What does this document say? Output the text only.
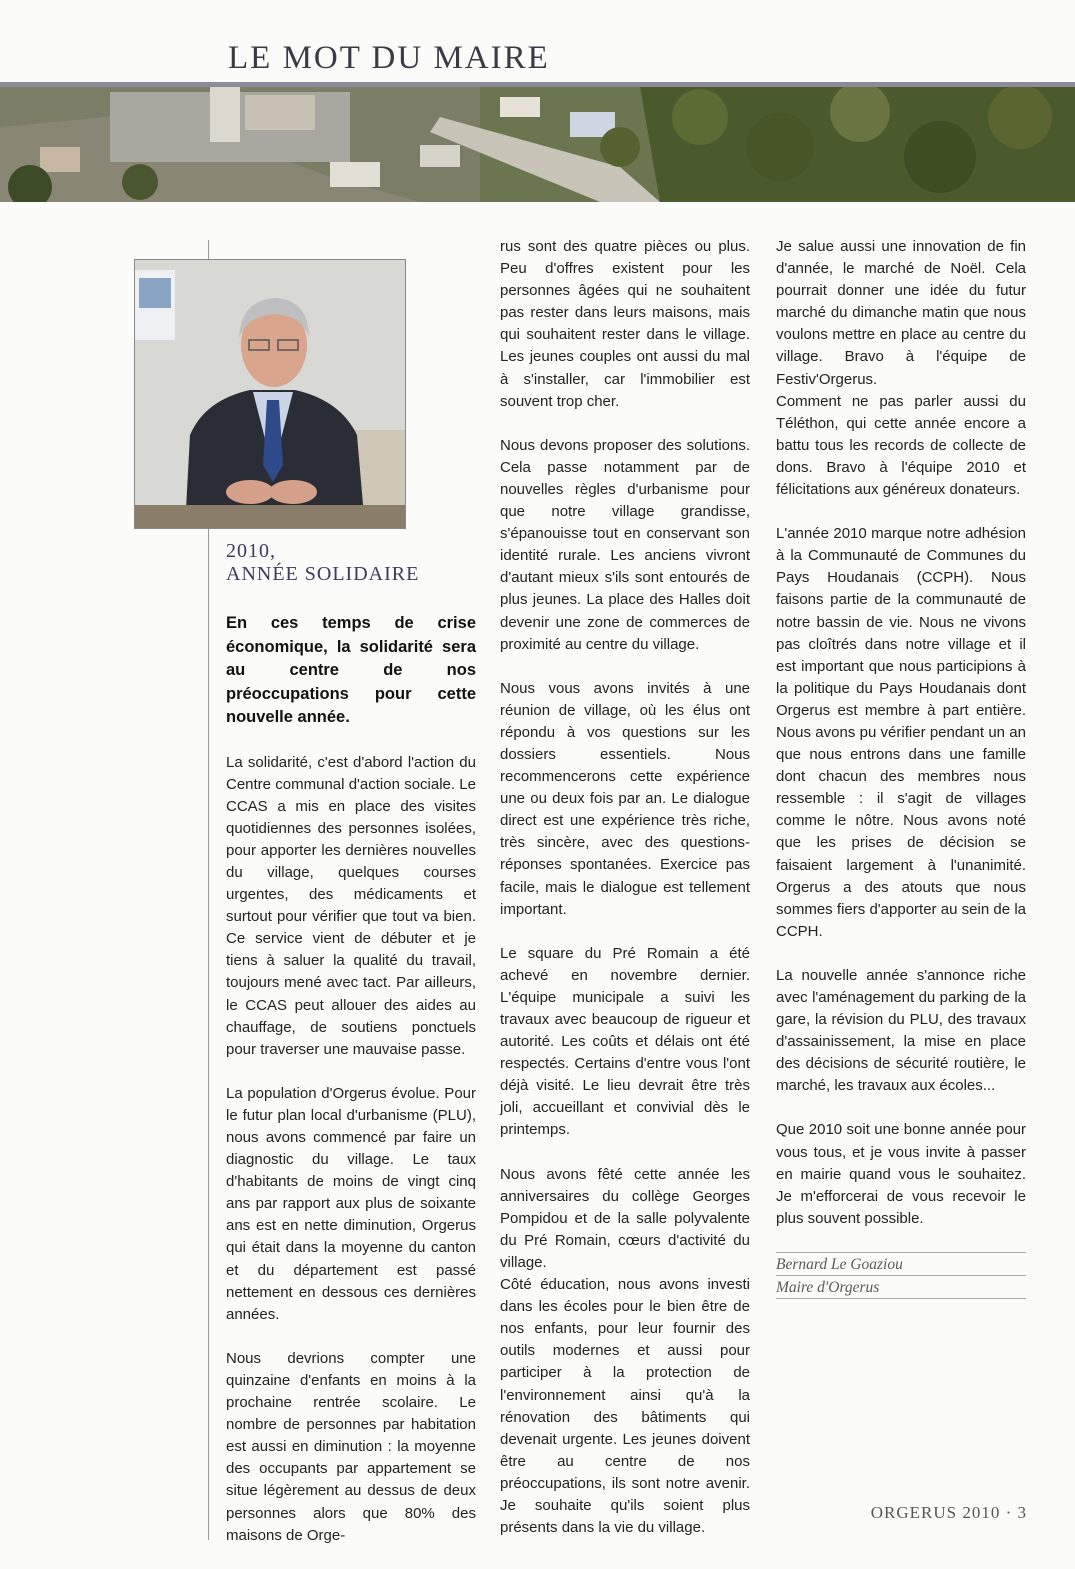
LE MOT DU MAIRE
2010,
ANNÉE SOLIDAIRE

En ces temps de crise économique, la solidarité sera au centre de nos préoccupations pour cette nouvelle année.

La solidarité, c'est d'abord l'action du Centre communal d'action sociale. Le CCAS a mis en place des visites quotidiennes des personnes isolées, pour apporter les dernières nouvelles du village, quelques courses urgentes, des médicaments et surtout pour vérifier que tout va bien. Ce service vient de débuter et je tiens à saluer la qualité du travail, toujours mené avec tact. Par ailleurs, le CCAS peut allouer des aides au chauffage, de soutiens ponctuels pour traverser une mauvaise passe.

La population d'Orgerus évolue. Pour le futur plan local d'urbanisme (PLU), nous avons commencé par faire un diagnostic du village. Le taux d'habitants de moins de vingt cinq ans par rapport aux plus de soixante ans est en nette diminution, Orgerus qui était dans la moyenne du canton et du département est passé nettement en dessous ces dernières années.

Nous devrions compter une quinzaine d'enfants en moins à la prochaine rentrée scolaire. Le nombre de personnes par habitation est aussi en diminution : la moyenne des occupants par appartement se situe légèrement au dessus de deux personnes alors que 80% des maisons de Orge-

rus sont des quatre pièces ou plus. Peu d'offres existent pour les personnes âgées qui ne souhaitent pas rester dans leurs maisons, mais qui souhaitent rester dans le village. Les jeunes couples ont aussi du mal à s'installer, car l'immobilier est souvent trop cher.

Nous devons proposer des solutions. Cela passe notamment par de nouvelles règles d'urbanisme pour que notre village grandisse, s'épanouisse tout en conservant son identité rurale. Les anciens vivront d'autant mieux s'ils sont entourés de plus jeunes. La place des Halles doit devenir une zone de commerces de proximité au centre du village.

Nous vous avons invités à une réunion de village, où les élus ont répondu à vos questions sur les dossiers essentiels. Nous recommencerons cette expérience une ou deux fois par an. Le dialogue direct est une expérience très riche, très sincère, avec des questions-réponses spontanées. Exercice pas facile, mais le dialogue est tellement important.

Le square du Pré Romain a été achevé en novembre dernier. L'équipe municipale a suivi les travaux avec beaucoup de rigueur et autorité. Les coûts et délais ont été respectés. Certains d'entre vous l'ont déjà visité. Le lieu devrait être très joli, accueillant et convivial dès le printemps.

Nous avons fêté cette année les anniversaires du collège Georges Pompidou et de la salle polyvalente du Pré Romain, cœurs d'activité du village.
Côté éducation, nous avons investi dans les écoles pour le bien être de nos enfants, pour leur fournir des outils modernes et aussi pour participer à la protection de l'environnement ainsi qu'à la rénovation des bâtiments qui devenait urgente. Les jeunes doivent être au centre de nos préoccupations, ils sont notre avenir. Je souhaite qu'ils soient plus présents dans la vie du village.

Je salue aussi une innovation de fin d'année, le marché de Noël. Cela pourrait donner une idée du futur marché du dimanche matin que nous voulons mettre en place au centre du village. Bravo à l'équipe de Festiv'Orgerus.
Comment ne pas parler aussi du Téléthon, qui cette année encore a battu tous les records de collecte de dons. Bravo à l'équipe 2010 et félicitations aux généreux donateurs.

L'année 2010 marque notre adhésion à la Communauté de Communes du Pays Houdanais (CCPH). Nous faisons partie de la communauté de notre bassin de vie. Nous ne vivons pas cloîtrés dans notre village et il est important que nous participions à la politique du Pays Houdanais dont Orgerus est membre à part entière. Nous avons pu vérifier pendant un an que nous entrons dans une famille dont chacun des membres nous ressemble : il s'agit de villages comme le nôtre. Nous avons noté que les prises de décision se faisaient largement à l'unanimité. Orgerus a des atouts que nous sommes fiers d'apporter au sein de la CCPH.

La nouvelle année s'annonce riche avec l'aménagement du parking de la gare, la révision du PLU, des travaux d'assainissement, la mise en place des décisions de sécurité routière, le marché, les travaux aux écoles...

Que 2010 soit une bonne année pour vous tous, et je vous invite à passer en mairie quand vous le souhaitez. Je m'efforcerai de vous recevoir le plus souvent possible.

Bernard Le Goaziou
Maire d'Orgerus
ORGERUS 2010 · 3
